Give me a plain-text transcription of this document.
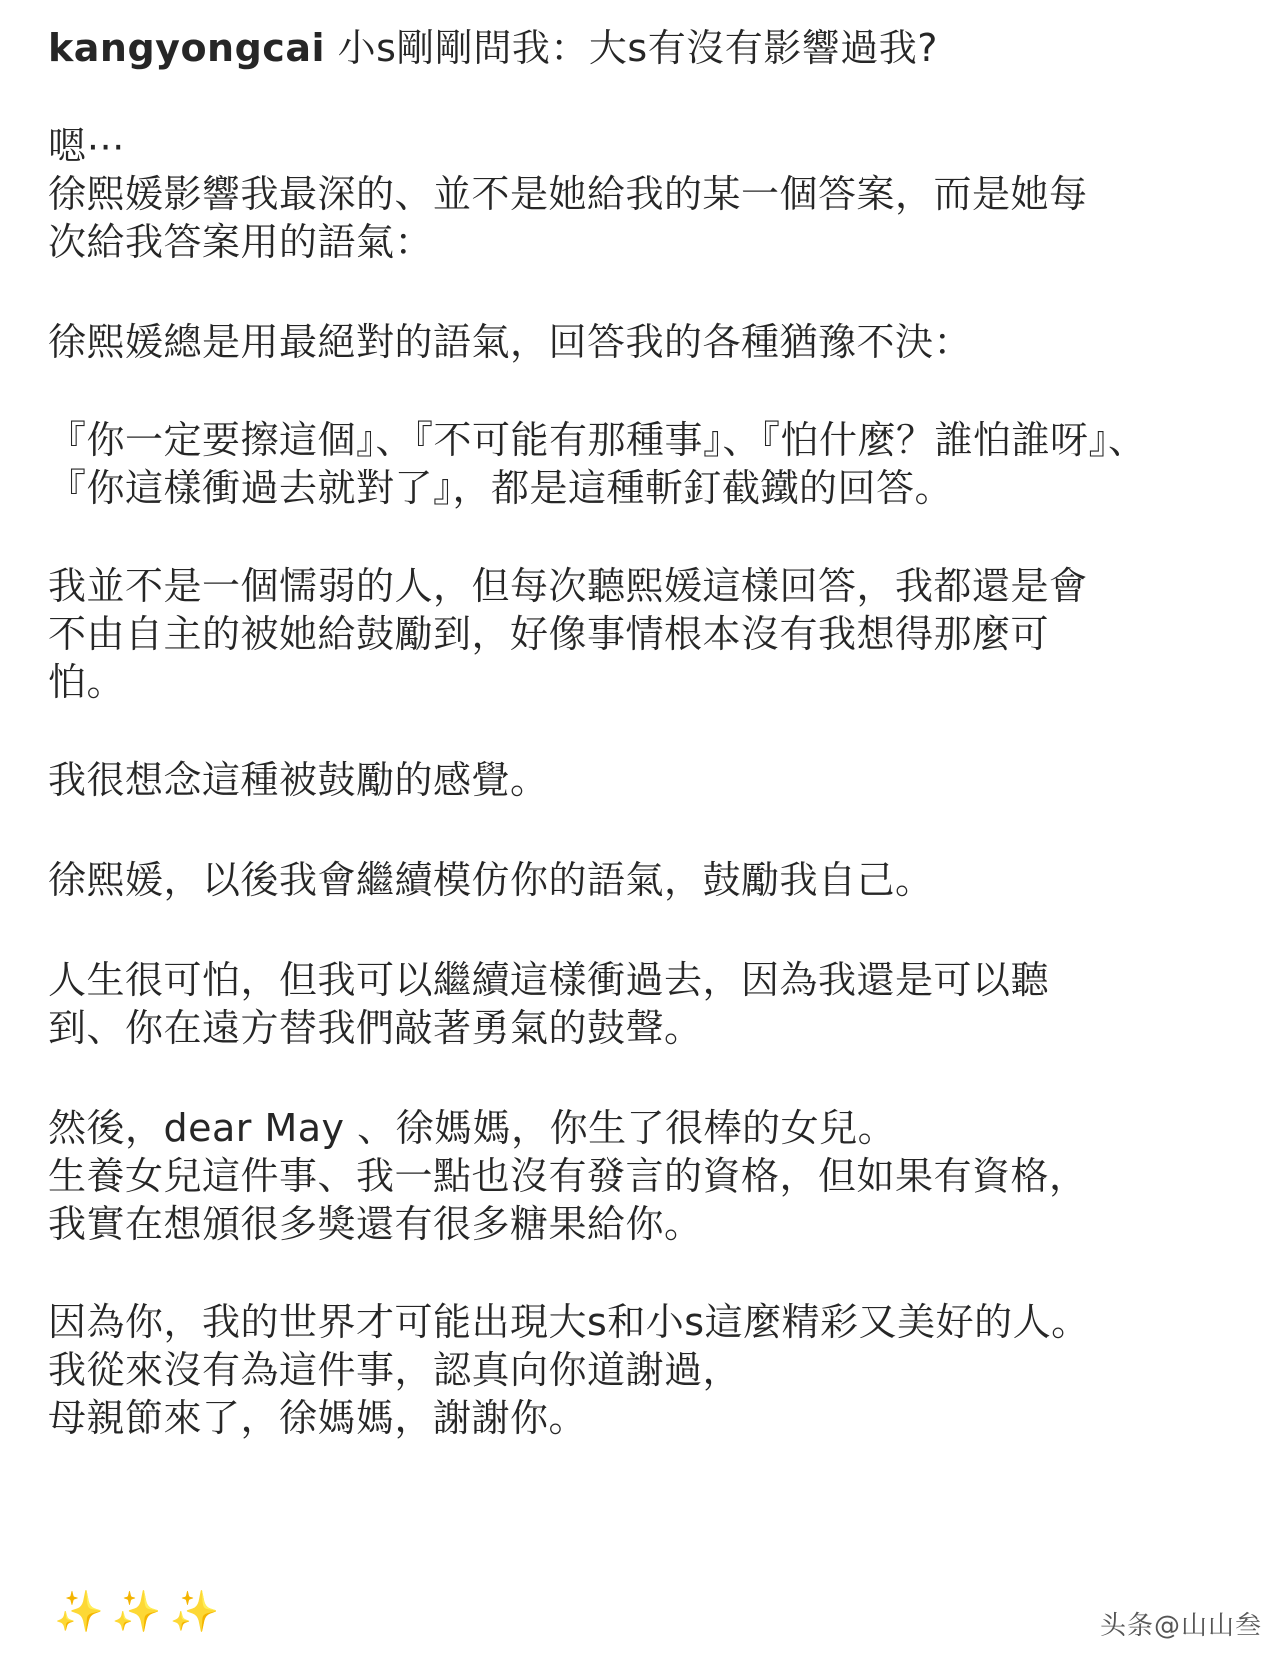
kangyongcai 小s剛剛問我：大s有沒有影響過我?
嗯⋯
徐熙媛影響我最深的、並不是她給我的某一個答案，而是她每
次給我答案用的語氣：
徐熙媛總是用最絕對的語氣，回答我的各種猶豫不決：
『你一定要擦這個』、『不可能有那種事』、『怕什麼？誰怕誰呀』、
『你這樣衝過去就對了』，都是這種斬釘截鐵的回答。
我並不是一個懦弱的人，但每次聽熙媛這樣回答，我都還是會
不由自主的被她給鼓勵到，好像事情根本沒有我想得那麼可
怕。
我很想念這種被鼓勵的感覺。
徐熙媛，以後我會繼續模仿你的語氣，鼓勵我自己。
人生很可怕，但我可以繼續這樣衝過去，因為我還是可以聽
到、你在遠方替我們敲著勇氣的鼓聲。
然後，dear May 、徐媽媽，你生了很棒的女兒。
生養女兒這件事、我一點也沒有發言的資格，但如果有資格，
我實在想頒很多獎還有很多糖果給你。
因為你，我的世界才可能出現大s和小s這麼精彩又美好的人。
我從來沒有為這件事，認真向你道謝過，
母親節來了，徐媽媽，謝謝你。
✨✨✨	头条@山山叁
